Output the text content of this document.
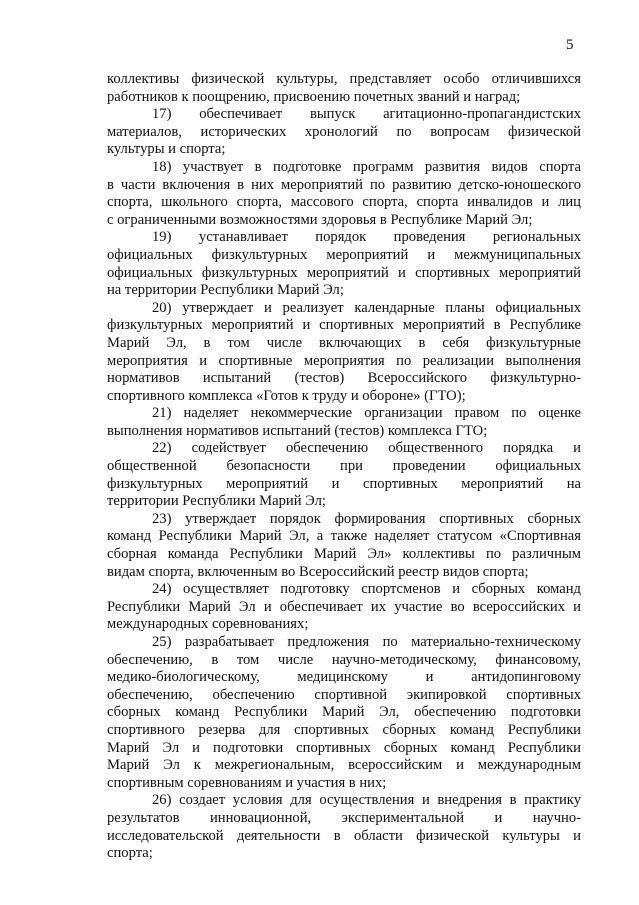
5
коллективы физической культуры, представляет особо отличившихся
работников к поощрению, присвоению почетных званий и наград;
17) обеспечивает выпуск агитационно-пропагандистских
материалов, исторических хронологий по вопросам физической
культуры и спорта;
18) участвует в подготовке программ развития видов спорта
в части включения в них мероприятий по развитию детско-юношеского
спорта, школьного спорта, массового спорта, спорта инвалидов и лиц
с ограниченными возможностями здоровья в Республике Марий Эл;
19) устанавливает порядок проведения региональных
официальных физкультурных мероприятий и межмуниципальных
официальных физкультурных мероприятий и спортивных мероприятий
на территории Республики Марий Эл;
20) утверждает и реализует календарные планы официальных
физкультурных мероприятий и спортивных мероприятий в Республике
Марий Эл, в том числе включающих в себя физкультурные
мероприятия и спортивные мероприятия по реализации выполнения
нормативов испытаний (тестов) Всероссийского физкультурно-
спортивного комплекса «Готов к труду и обороне» (ГТО);
21) наделяет некоммерческие организации правом по оценке
выполнения нормативов испытаний (тестов) комплекса ГТО;
22) содействует обеспечению общественного порядка и
общественной безопасности при проведении официальных
физкультурных мероприятий и спортивных мероприятий на
территории Республики Марий Эл;
23) утверждает порядок формирования спортивных сборных
команд Республики Марий Эл, а также наделяет статусом «Спортивная
сборная команда Республики Марий Эл» коллективы по различным
видам спорта, включенным во Всероссийский реестр видов спорта;
24) осуществляет подготовку спортсменов и сборных команд
Республики Марий Эл и обеспечивает их участие во всероссийских и
международных соревнованиях;
25) разрабатывает предложения по материально-техническому
обеспечению, в том числе научно-методическому, финансовому,
медико-биологическому, медицинскому и антидопинговому
обеспечению, обеспечению спортивной экипировкой спортивных
сборных команд Республики Марий Эл, обеспечению подготовки
спортивного резерва для спортивных сборных команд Республики
Марий Эл и подготовки спортивных сборных команд Республики
Марий Эл к межрегиональным, всероссийским и международным
спортивным соревнованиям и участия в них;
26) создает условия для осуществления и внедрения в практику
результатов инновационной, экспериментальной и научно-
исследовательской деятельности в области физической культуры и
спорта;
